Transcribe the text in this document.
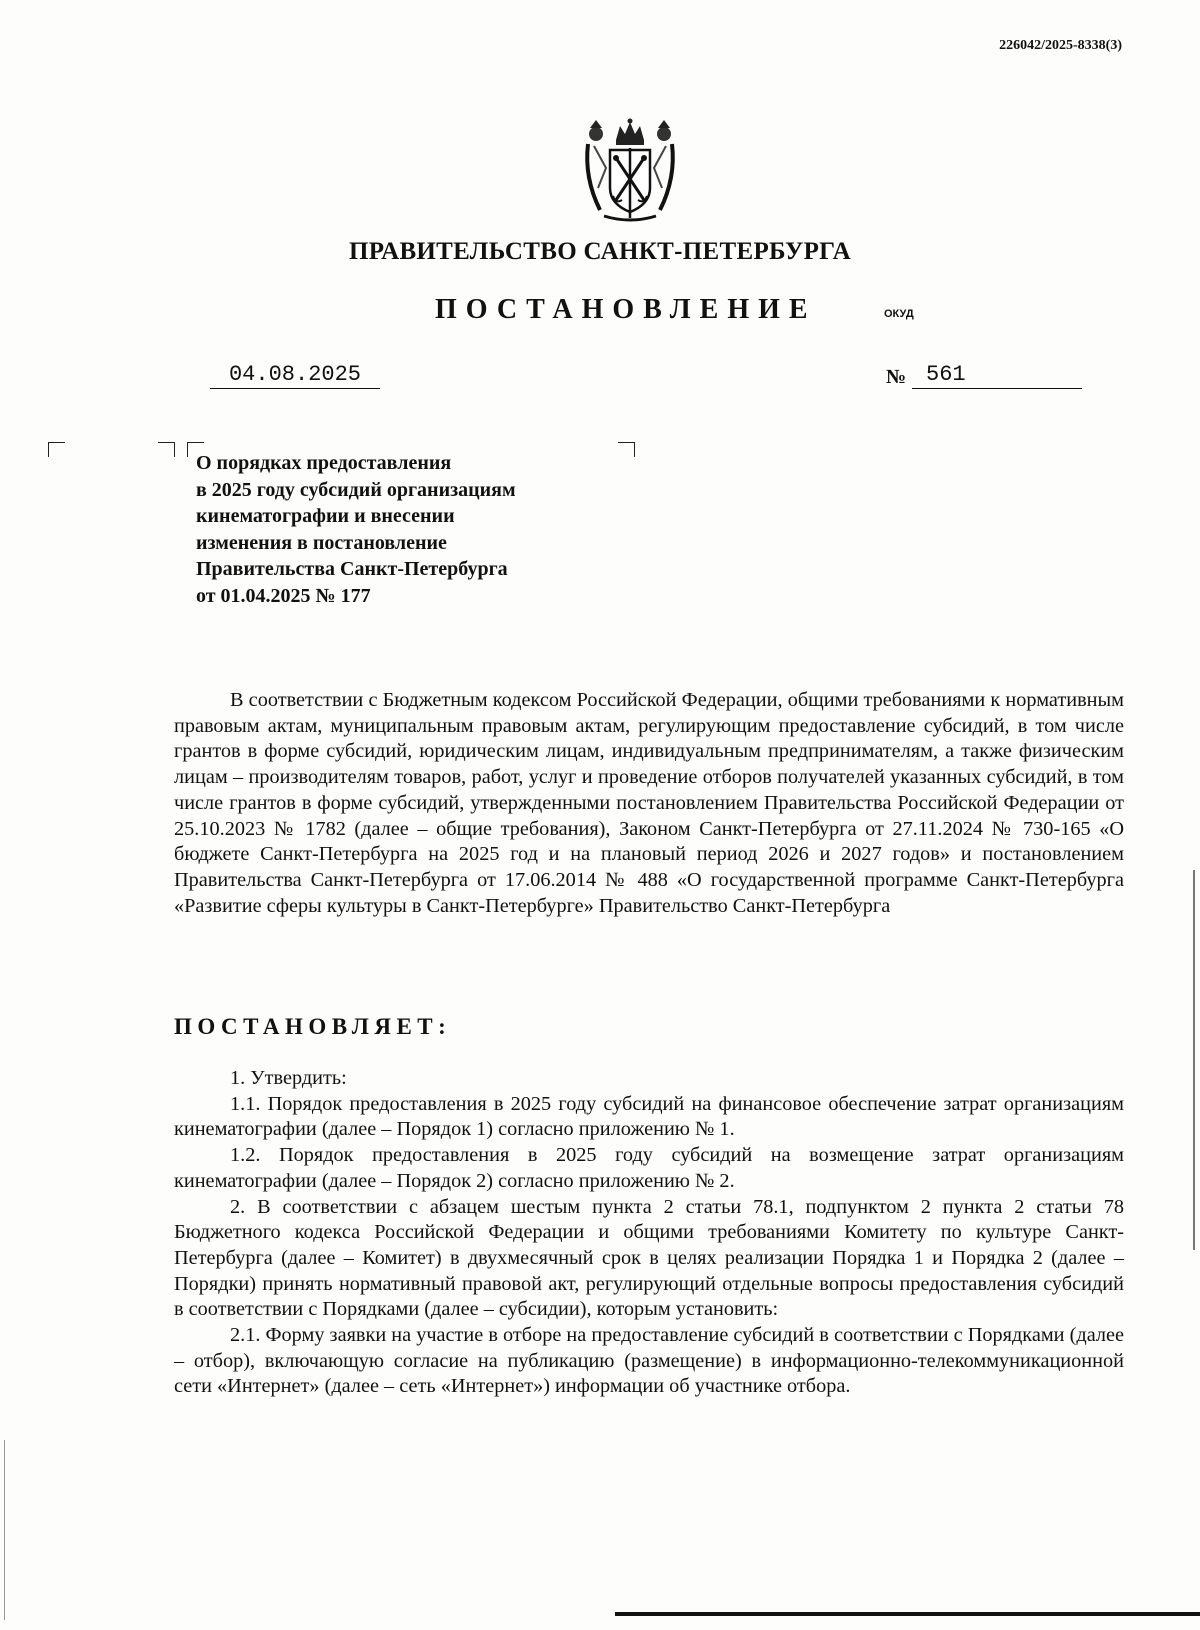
226042/2025-8338(3)
ПРАВИТЕЛЬСТВО САНКТ-ПЕТЕРБУРГА
ПОСТАНОВЛЕНИЕ	ОКУД
04.08.2025	№ 561
О порядках предоставления
в 2025 году субсидий организациям
кинематографии и внесении
изменения в постановление
Правительства Санкт-Петербурга
от 01.04.2025 № 177
В соответствии с Бюджетным кодексом Российской Федерации, общими требованиями к нормативным правовым актам, муниципальным правовым актам, регулирующим предоставление субсидий, в том числе грантов в форме субсидий, юридическим лицам, индивидуальным предпринимателям, а также физическим лицам – производителям товаров, работ, услуг и проведение отборов получателей указанных субсидий, в том числе грантов в форме субсидий, утвержденными постановлением Правительства Российской Федерации от 25.10.2023 № 1782 (далее – общие требования), Законом Санкт-Петербурга от 27.11.2024 № 730-165 «О бюджете Санкт-Петербурга на 2025 год и на плановый период 2026 и 2027 годов» и постановлением Правительства Санкт-Петербурга от 17.06.2014 № 488 «О государственной программе Санкт-Петербурга «Развитие сферы культуры в Санкт-Петербурге» Правительство Санкт-Петербурга
ПОСТАНОВЛЯЕТ:

1. Утвердить:

1.1. Порядок предоставления в 2025 году субсидий на финансовое обеспечение затрат организациям кинематографии (далее – Порядок 1) согласно приложению № 1.

1.2. Порядок предоставления в 2025 году субсидий на возмещение затрат организациям кинематографии (далее – Порядок 2) согласно приложению № 2.

2. В соответствии с абзацем шестым пункта 2 статьи 78.1, подпунктом 2 пункта 2 статьи 78 Бюджетного кодекса Российской Федерации и общими требованиями Комитету по культуре Санкт-Петербурга (далее – Комитет) в двухмесячный срок в целях реализации Порядка 1 и Порядка 2 (далее – Порядки) принять нормативный правовой акт, регулирующий отдельные вопросы предоставления субсидий в соответствии с Порядками (далее – субсидии), которым установить:

2.1. Форму заявки на участие в отборе на предоставление субсидий в соответствии с Порядками (далее – отбор), включающую согласие на публикацию (размещение) в информационно-телекоммуникационной сети «Интернет» (далее – сеть «Интернет») информации об участнике отбора.
